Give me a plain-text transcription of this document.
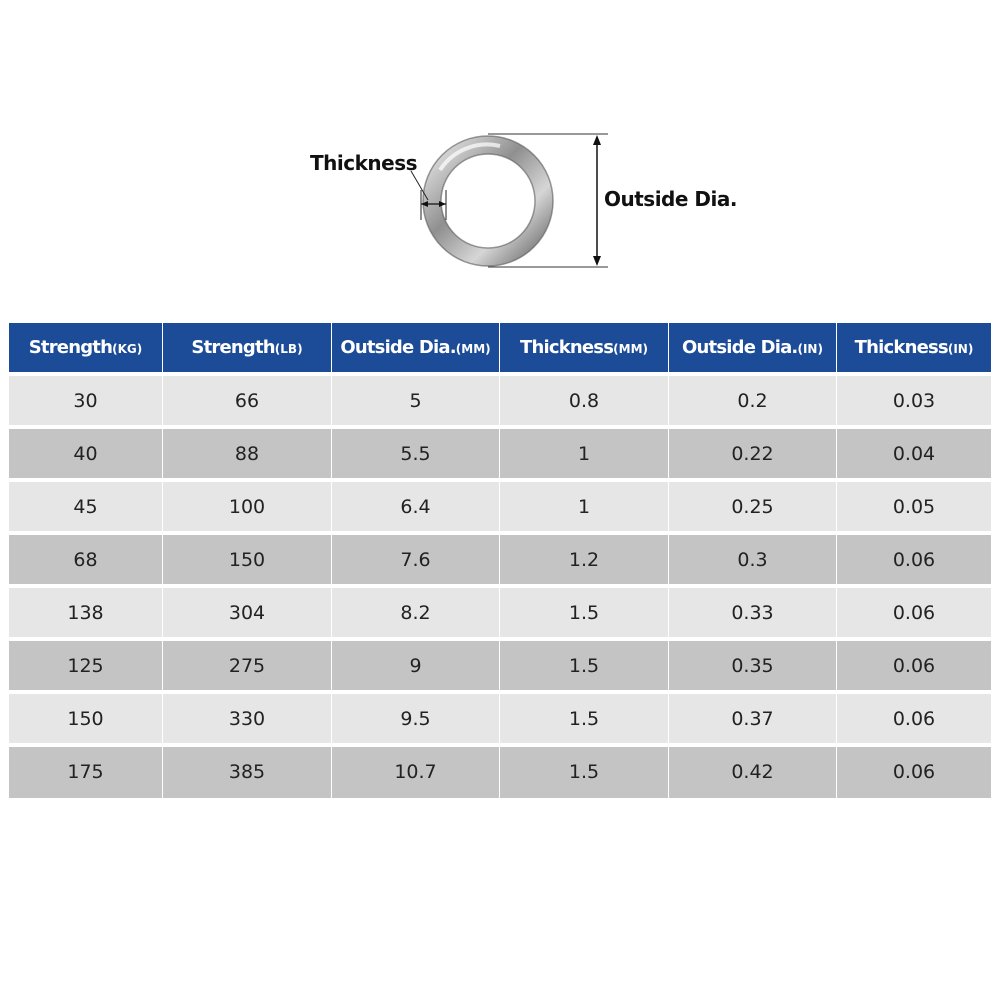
Thickness
Outside Dia.
Strength(KG)	Strength(LB)	Outside Dia.(MM)	Thickness(MM)	Outside Dia.(IN)	Thickness(IN)
30	66	5	0.8	0.2	0.03
40	88	5.5	1	0.22	0.04
45	100	6.4	1	0.25	0.05
68	150	7.6	1.2	0.3	0.06
138	304	8.2	1.5	0.33	0.06
125	275	9	1.5	0.35	0.06
150	330	9.5	1.5	0.37	0.06
175	385	10.7	1.5	0.42	0.06
